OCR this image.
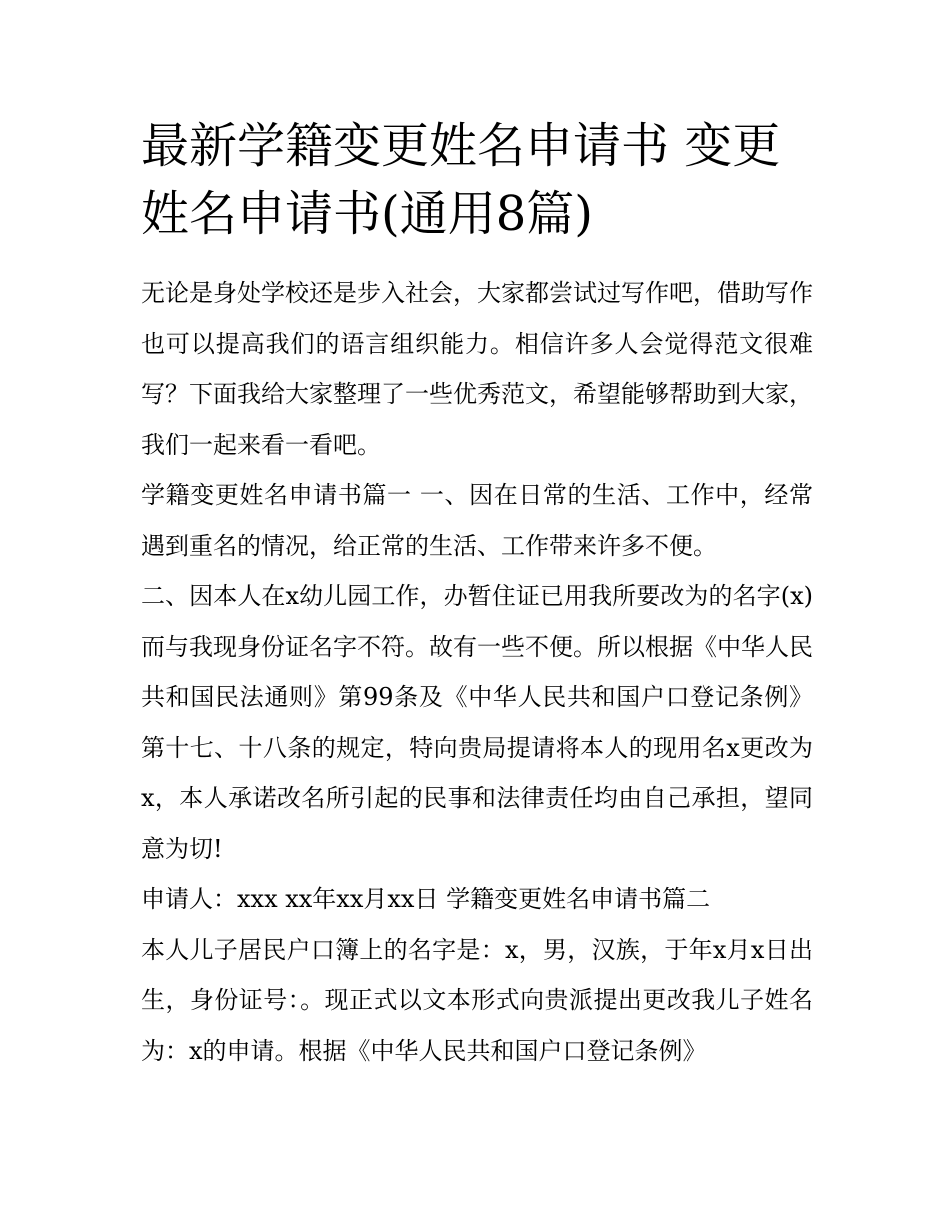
最新学籍变更姓名申请书 变更姓名申请书(通用8篇)

无论是身处学校还是步入社会，大家都尝试过写作吧，借助写作也可以提高我们的语言组织能力。相信许多人会觉得范文很难写？下面我给大家整理了一些优秀范文，希望能够帮助到大家，我们一起来看一看吧。

学籍变更姓名申请书篇一 一、因在日常的生活、工作中，经常遇到重名的情况，给正常的生活、工作带来许多不便。

二、因本人在x幼儿园工作，办暂住证已用我所要改为的名字(x)而与我现身份证名字不符。故有一些不便。所以根据《中华人民共和国民法通则》第99条及《中华人民共和国户口登记条例》第十七、十八条的规定，特向贵局提请将本人的现用名x更改为x，本人承诺改名所引起的民事和法律责任均由自己承担，望同意为切!

申请人：xxx xx年xx月xx日 学籍变更姓名申请书篇二

本人儿子居民户口簿上的名字是：x，男，汉族，于年x月x日出生，身份证号：。现正式以文本形式向贵派提出更改我儿子姓名为：x的申请。根据《中华人民共和国户口登记条例》
